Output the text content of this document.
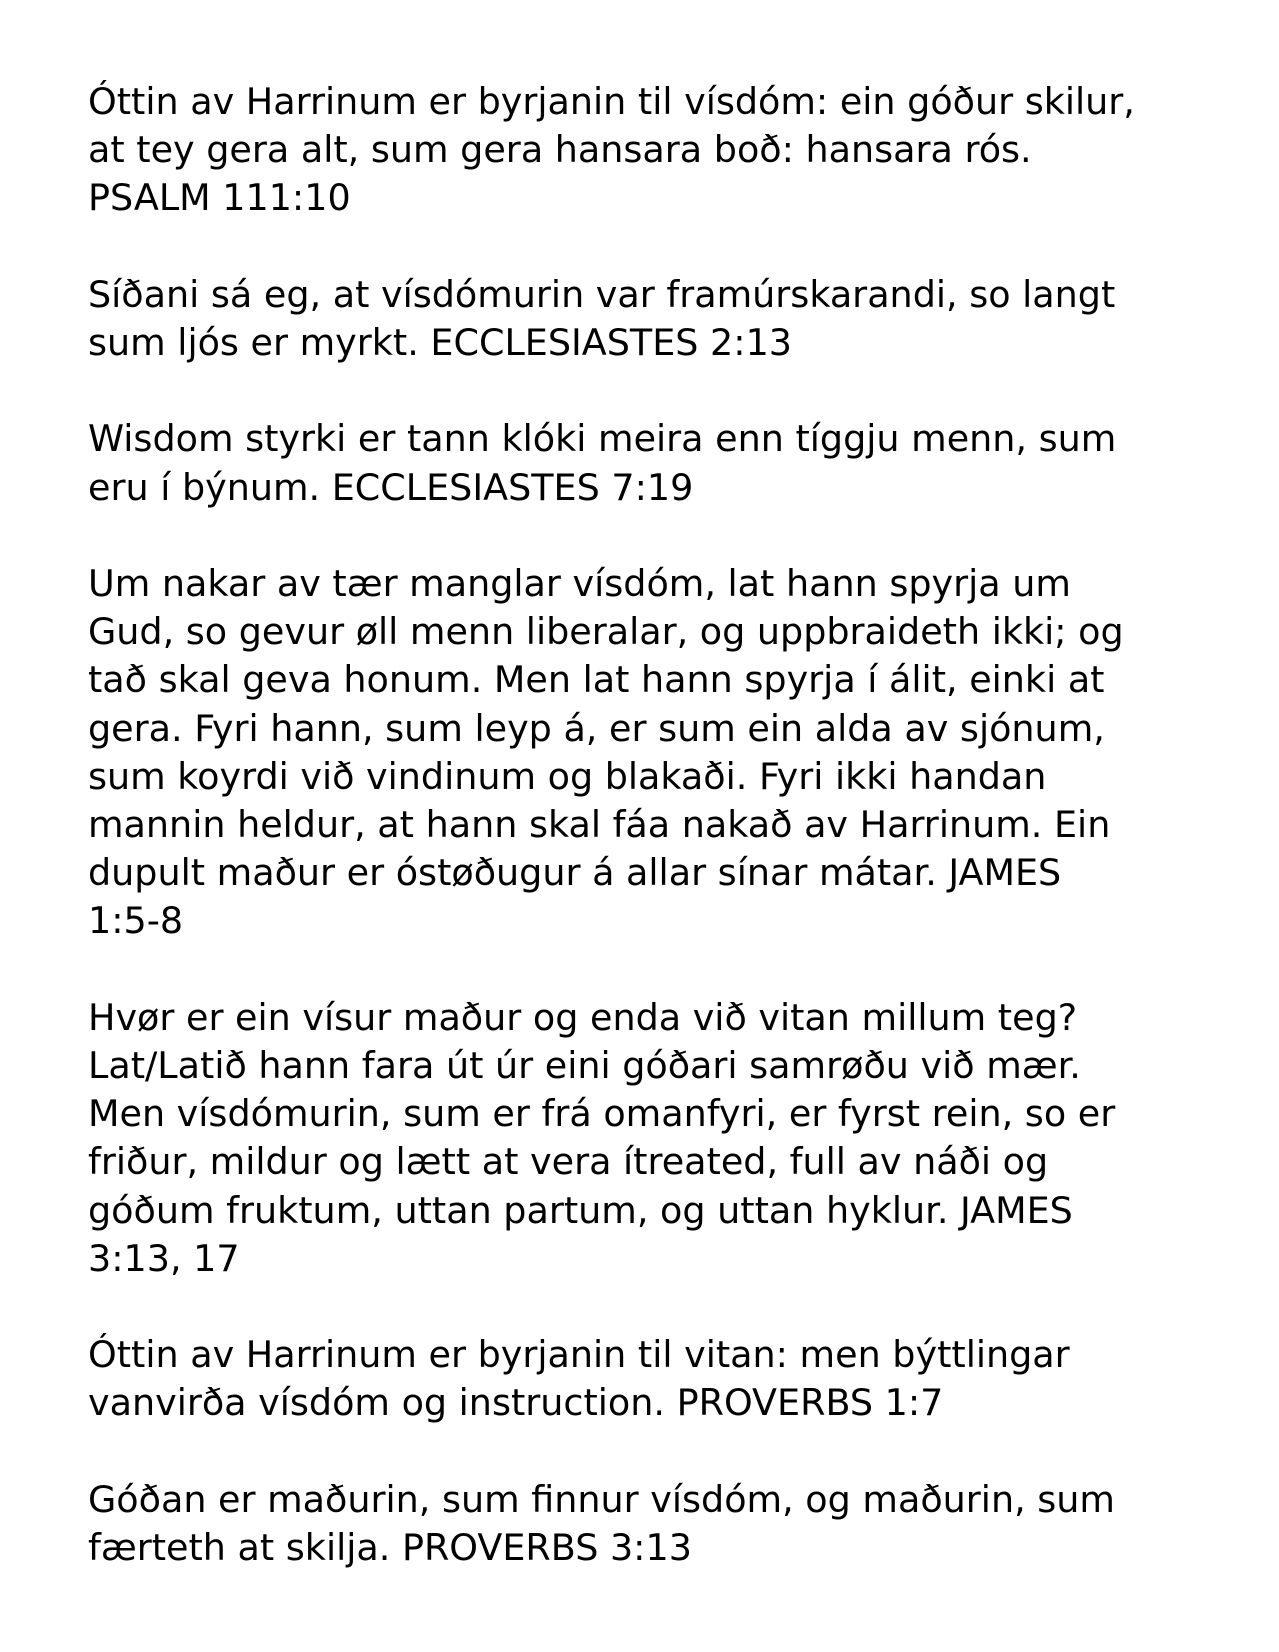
Óttin av Harrinum er byrjanin til vísdóm: ein góður skilur,
at tey gera alt, sum gera hansara boð: hansara rós.
PSALM 111:10

Síðani sá eg, at vísdómurin var framúrskarandi, so langt
sum ljós er myrkt. ECCLESIASTES 2:13

Wisdom styrki er tann klóki meira enn tíggju menn, sum
eru í býnum. ECCLESIASTES 7:19

Um nakar av tær manglar vísdóm, lat hann spyrja um
Gud, so gevur øll menn liberalar, og uppbraideth ikki; og
tað skal geva honum. Men lat hann spyrja í álit, einki at
gera. Fyri hann, sum leyp á, er sum ein alda av sjónum,
sum koyrdi við vindinum og blakaði. Fyri ikki handan
mannin heldur, at hann skal fáa nakað av Harrinum. Ein
dupult maður er óstøðugur á allar sínar mátar. JAMES
1:5-8

Hvør er ein vísur maður og enda við vitan millum teg?
Lat/Latið hann fara út úr eini góðari samrøðu við mær.
Men vísdómurin, sum er frá omanfyri, er fyrst rein, so er
friður, mildur og lætt at vera ítreated, full av náði og
góðum fruktum, uttan partum, og uttan hyklur. JAMES
3:13, 17

Óttin av Harrinum er byrjanin til vitan: men býttlingar
vanvirða vísdóm og instruction. PROVERBS 1:7

Góðan er maðurin, sum finnur vísdóm, og maðurin, sum
færteth at skilja. PROVERBS 3:13
